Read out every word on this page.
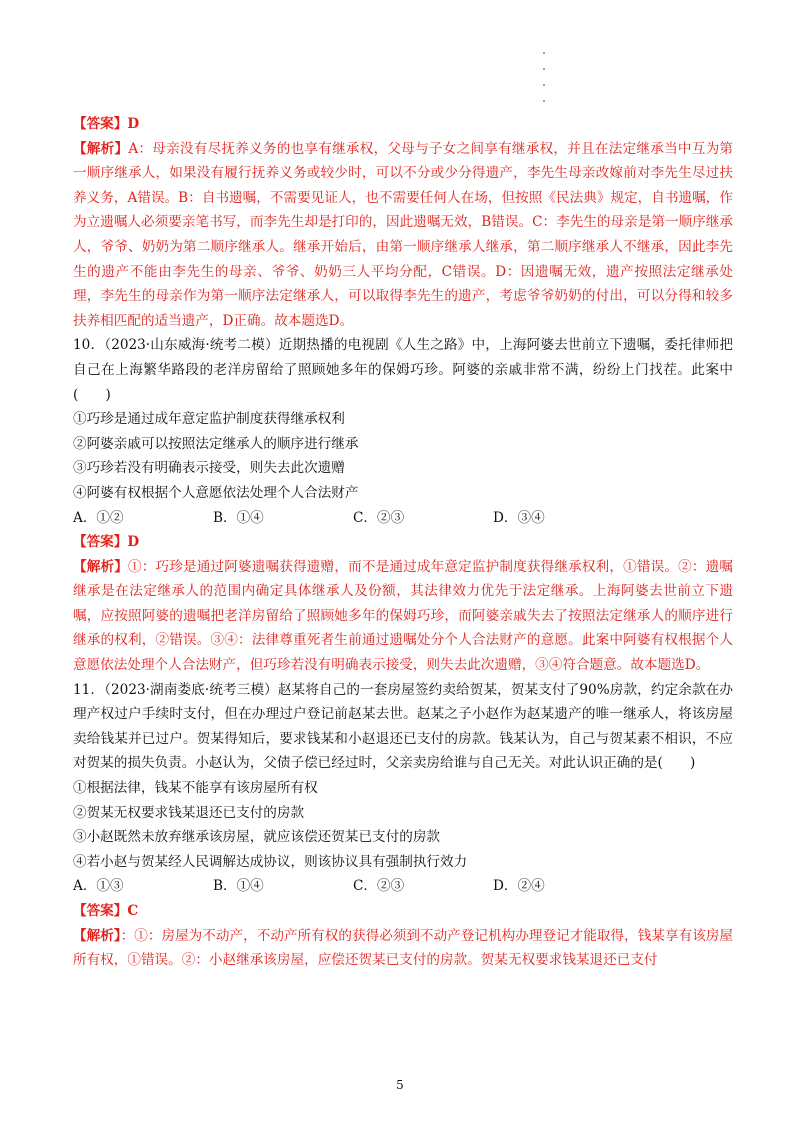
【答案】D

【解析】A：母亲没有尽抚养义务的也享有继承权，父母与子女之间享有继承权，并且在法定继承当中互为第一顺序继承人，如果没有履行抚养义务或较少时，可以不分或少分得遗产，李先生母亲改嫁前对李先生尽过扶养义务，A错误。B：自书遗嘱，不需要见证人，也不需要任何人在场，但按照《民法典》规定，自书遗嘱，作为立遗嘱人必须要亲笔书写，而李先生却是打印的，因此遗嘱无效，B错误。C：李先生的母亲是第一顺序继承人，爷爷、奶奶为第二顺序继承人。继承开始后，由第一顺序继承人继承，第二顺序继承人不继承，因此李先生的遗产不能由李先生的母亲、爷爷、奶奶三人平均分配，C错误。D：因遗嘱无效，遗产按照法定继承处理，李先生的母亲作为第一顺序法定继承人，可以取得李先生的遗产，考虑爷爷奶奶的付出，可以分得和较多扶养相匹配的适当遗产，D正确。故本题选D。

10．（2023·山东威海·统考二模）近期热播的电视剧《人生之路》中，上海阿婆去世前立下遗嘱，委托律师把自己在上海繁华路段的老洋房留给了照顾她多年的保姆巧珍。阿婆的亲戚非常不满，纷纷上门找茬。此案中(　　)

①巧珍是通过成年意定监护制度获得继承权利

②阿婆亲戚可以按照法定继承人的顺序进行继承

③巧珍若没有明确表示接受，则失去此次遗赠

④阿婆有权根据个人意愿依法处理个人合法财产

A．①②	B．①④	C．②③	D．③④

【答案】D

【解析】①：巧珍是通过阿婆遗嘱获得遗赠，而不是通过成年意定监护制度获得继承权利，①错误。②：遗嘱继承是在法定继承人的范围内确定具体继承人及份额，其法律效力优先于法定继承。上海阿婆去世前立下遗嘱，应按照阿婆的遗嘱把老洋房留给了照顾她多年的保姆巧珍，而阿婆亲戚失去了按照法定继承人的顺序进行继承的权利，②错误。③④：法律尊重死者生前通过遗嘱处分个人合法财产的意愿。此案中阿婆有权根据个人意愿依法处理个人合法财产，但巧珍若没有明确表示接受，则失去此次遗赠，③④符合题意。故本题选D。

11．（2023·湖南娄底·统考三模）赵某将自己的一套房屋签约卖给贺某，贺某支付了90%房款，约定余款在办理产权过户手续时支付，但在办理过户登记前赵某去世。赵某之子小赵作为赵某遗产的唯一继承人，将该房屋卖给钱某并已过户。贺某得知后，要求钱某和小赵退还已支付的房款。钱某认为，自己与贺某素不相识，不应对贺某的损失负责。小赵认为，父债子偿已经过时，父亲卖房给谁与自己无关。对此认识正确的是(　　)

①根据法律，钱某不能享有该房屋所有权

②贺某无权要求钱某退还已支付的房款

③小赵既然未放弃继承该房屋，就应该偿还贺某已支付的房款

④若小赵与贺某经人民调解达成协议，则该协议具有强制执行效力

A．①③	B．①④	C．②③	D．②④

【答案】C

【解析】：①：房屋为不动产，不动产所有权的获得必须到不动产登记机构办理登记才能取得，钱某享有该房屋所有权，①错误。②：小赵继承该房屋，应偿还贺某已支付的房款。贺某无权要求钱某退还已支付

5
